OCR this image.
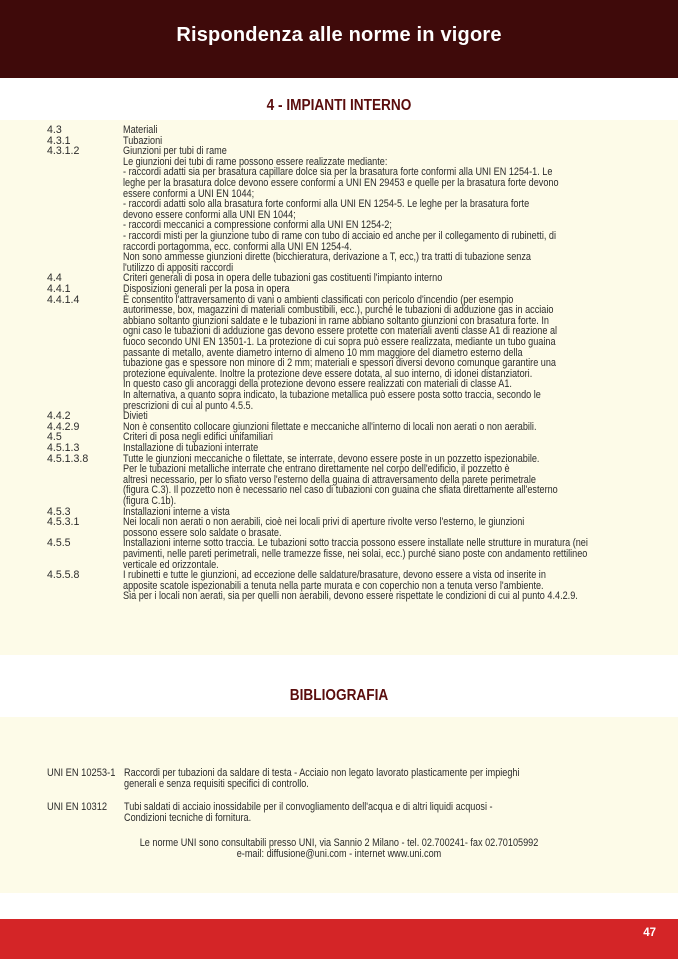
Rispondenza alle norme in vigore
4 - IMPIANTI INTERNO
4.3	Materiali
4.3.1	Tubazioni
4.3.1.2	Giunzioni per tubi di rame
Le giunzioni dei tubi di rame possono essere realizzate mediante:
- raccordi adatti sia per brasatura capillare dolce sia per la brasatura forte conformi alla UNI EN 1254-1. Le
leghe per la brasatura dolce devono essere conformi a UNI EN 29453 e quelle per la brasatura forte devono
essere conformi a UNI EN 1044;
- raccordi adatti solo alla brasatura forte conformi alla UNI EN 1254-5. Le leghe per la brasatura forte
devono essere conformi alla UNI EN 1044;
- raccordi meccanici a compressione conformi alla UNI EN 1254-2;
- raccordi misti per la giunzione tubo di rame con tubo di acciaio ed anche per il collegamento di rubinetti, di
raccordi portagomma, ecc. conformi alla UNI EN 1254-4.
Non sono ammesse giunzioni dirette (bicchieratura, derivazione a T, ecc,) tra tratti di tubazione senza
l'utilizzo di appositi raccordi
4.4	Criteri generali di posa in opera delle tubazioni gas costituenti l'impianto interno
4.4.1	Disposizioni generali per la posa in opera
4.4.1.4	È consentito l'attraversamento di vani o ambienti classificati con pericolo d'incendio (per esempio
autorimesse, box, magazzini di materiali combustibili, ecc.), purché le tubazioni di adduzione gas in acciaio
abbiano soltanto giunzioni saldate e le tubazioni in rame abbiano soltanto giunzioni con brasatura forte. In
ogni caso le tubazioni di adduzione gas devono essere protette con materiali aventi classe A1 di reazione al
fuoco secondo UNI EN 13501-1. La protezione di cui sopra può essere realizzata, mediante un tubo guaina
passante di metallo, avente diametro interno di almeno 10 mm maggiore del diametro esterno della
tubazione gas e spessore non minore di 2 mm; materiali e spessori diversi devono comunque garantire una
protezione equivalente. Inoltre la protezione deve essere dotata, al suo interno, di idonei distanziatori.
In questo caso gli ancoraggi della protezione devono essere realizzati con materiali di classe A1.
In alternativa, a quanto sopra indicato, la tubazione metallica può essere posta sotto traccia, secondo le
prescrizioni di cui al punto 4.5.5.
4.4.2	Divieti
4.4.2.9	Non è consentito collocare giunzioni filettate e meccaniche all'interno di locali non aerati o non aerabili.
4.5	Criteri di posa negli edifici unifamiliari
4.5.1.3	Installazione di tubazioni interrate
4.5.1.3.8	Tutte le giunzioni meccaniche o filettate, se interrate, devono essere poste in un pozzetto ispezionabile.
Per le tubazioni metalliche interrate che entrano direttamente nel corpo dell'edificio, il pozzetto è
altresì necessario, per lo sfiato verso l'esterno della guaina di attraversamento della parete perimetrale
(figura C.3). Il pozzetto non è necessario nel caso di tubazioni con guaina che sfiata direttamente all'esterno
(figura C.1b).
4.5.3	Installazioni interne a vista
4.5.3.1	Nei locali non aerati o non aerabili, cioè nei locali privi di aperture rivolte verso l'esterno, le giunzioni
possono essere solo saldate o brasate.
4.5.5	Installazioni interne sotto traccia. Le tubazioni sotto traccia possono essere installate nelle strutture in muratura (nei
pavimenti, nelle pareti perimetrali, nelle tramezze fisse, nei solai, ecc.) purché siano poste con andamento rettilineo
verticale ed orizzontale.
4.5.5.8	I rubinetti e tutte le giunzioni, ad eccezione delle saldature/brasature, devono essere a vista od inserite in
apposite scatole ispezionabili a tenuta nella parte murata e con coperchio non a tenuta verso l'ambiente.
Sia per i locali non aerati, sia per quelli non aerabili, devono essere rispettate le condizioni di cui al punto 4.4.2.9.
BIBLIOGRAFIA
UNI EN 10253-1 Raccordi per tubazioni da saldare di testa - Acciaio non legato lavorato plasticamente per impieghi
generali e senza requisiti specifici di controllo.
UNI EN 10312 Tubi saldati di acciaio inossidabile per il convogliamento dell'acqua e di altri liquidi acquosi -
Condizioni tecniche di fornitura.
Le norme UNI sono consultabili presso UNI, via Sannio 2 Milano - tel. 02.700241- fax 02.70105992
e-mail: diffusione@uni.com - internet www.uni.com
47
